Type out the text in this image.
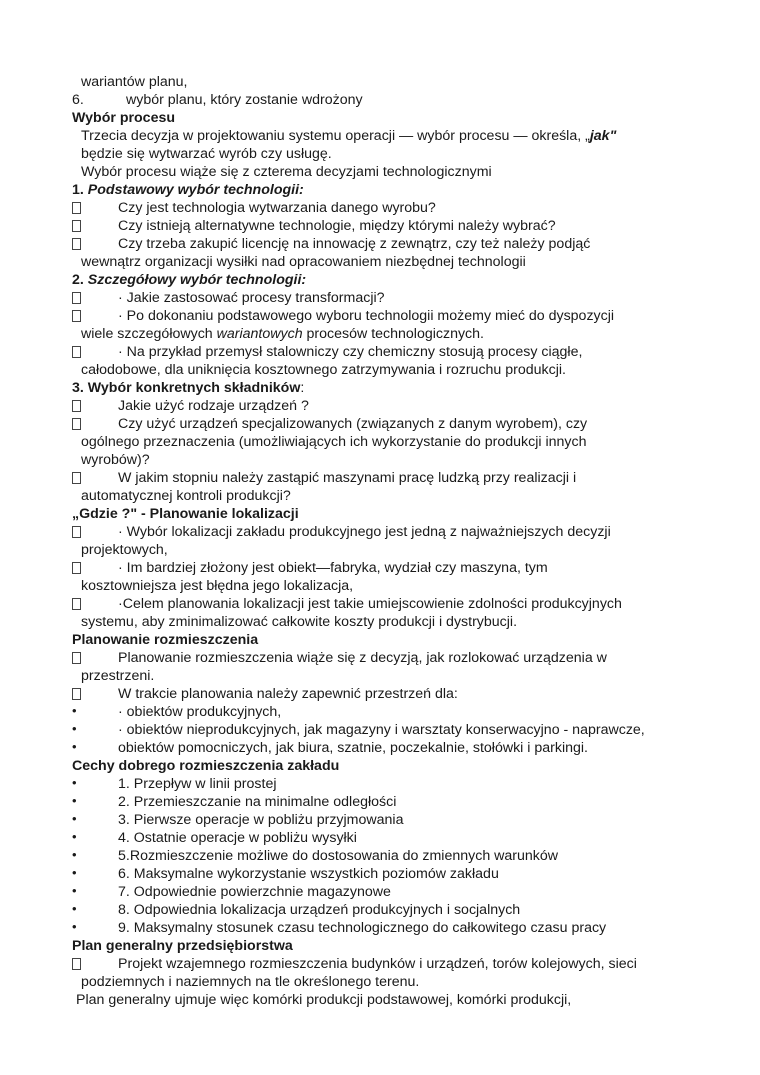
wariantów planu,
6.	wybór planu, który zostanie wdrożony
Wybór procesu
Trzecia decyzja w projektowaniu systemu operacji — wybór procesu — określa, „jak"
będzie się wytwarzać wyrób czy usługę.
Wybór procesu wiąże się z czterema decyzjami technologicznymi
1. Podstawowy wybór technologii:
Czy jest technologia wytwarzania danego wyrobu?
Czy istnieją alternatywne technologie, między którymi należy wybrać?
Czy trzeba zakupić licencję na innowację z zewnątrz, czy też należy podjąć
wewnątrz organizacji wysiłki nad opracowaniem niezbędnej technologii
2. Szczegółowy wybór technologii:
· Jakie zastosować procesy transformacji?
· Po dokonaniu podstawowego wyboru technologii możemy mieć do dyspozycji
wiele szczegółowych wariantowych procesów technologicznych.
· Na przykład przemysł stalowniczy czy chemiczny stosują procesy ciągłe,
całodobowe, dla uniknięcia kosztownego zatrzymywania i rozruchu produkcji.
3. Wybór konkretnych składników:
Jakie użyć rodzaje urządzeń ?
Czy użyć urządzeń specjalizowanych (związanych z danym wyrobem), czy
ogólnego przeznaczenia (umożliwiających ich wykorzystanie do produkcji innych
wyrobów)?
W jakim stopniu należy zastąpić maszynami pracę ludzką przy realizacji i
automatycznej kontroli produkcji?
„Gdzie ?" - Planowanie lokalizacji
· Wybór lokalizacji zakładu produkcyjnego jest jedną z najważniejszych decyzji
projektowych,
· Im bardziej złożony jest obiekt—fabryka, wydział czy maszyna, tym
kosztowniejsza jest błędna jego lokalizacja,
·Celem planowania lokalizacji jest takie umiejscowienie zdolności produkcyjnych
systemu, aby zminimalizować całkowite koszty produkcji i dystrybucji.
Planowanie rozmieszczenia
Planowanie rozmieszczenia wiąże się z decyzją, jak rozlokować urządzenia w
przestrzeni.
W trakcie planowania należy zapewnić przestrzeń dla:
•	· obiektów produkcyjnych,
•	· obiektów nieprodukcyjnych, jak magazyny i warsztaty konserwacyjno - naprawcze,
•	obiektów pomocniczych, jak biura, szatnie, poczekalnie, stołówki i parkingi.
Cechy dobrego rozmieszczenia zakładu
•	1. Przepływ w linii prostej
•	2. Przemieszczanie na minimalne odległości
•	3. Pierwsze operacje w pobliżu przyjmowania
•	4. Ostatnie operacje w pobliżu wysyłki
•	5.Rozmieszczenie możliwe do dostosowania do zmiennych warunków
•	6. Maksymalne wykorzystanie wszystkich poziomów zakładu
•	7. Odpowiednie powierzchnie magazynowe
•	8. Odpowiednia lokalizacja urządzeń produkcyjnych i socjalnych
•	9. Maksymalny stosunek czasu technologicznego do całkowitego czasu pracy
Plan generalny przedsiębiorstwa
Projekt wzajemnego rozmieszczenia budynków i urządzeń, torów kolejowych, sieci
podziemnych i naziemnych na tle określonego terenu.
Plan generalny ujmuje więc komórki produkcji podstawowej, komórki produkcji,
